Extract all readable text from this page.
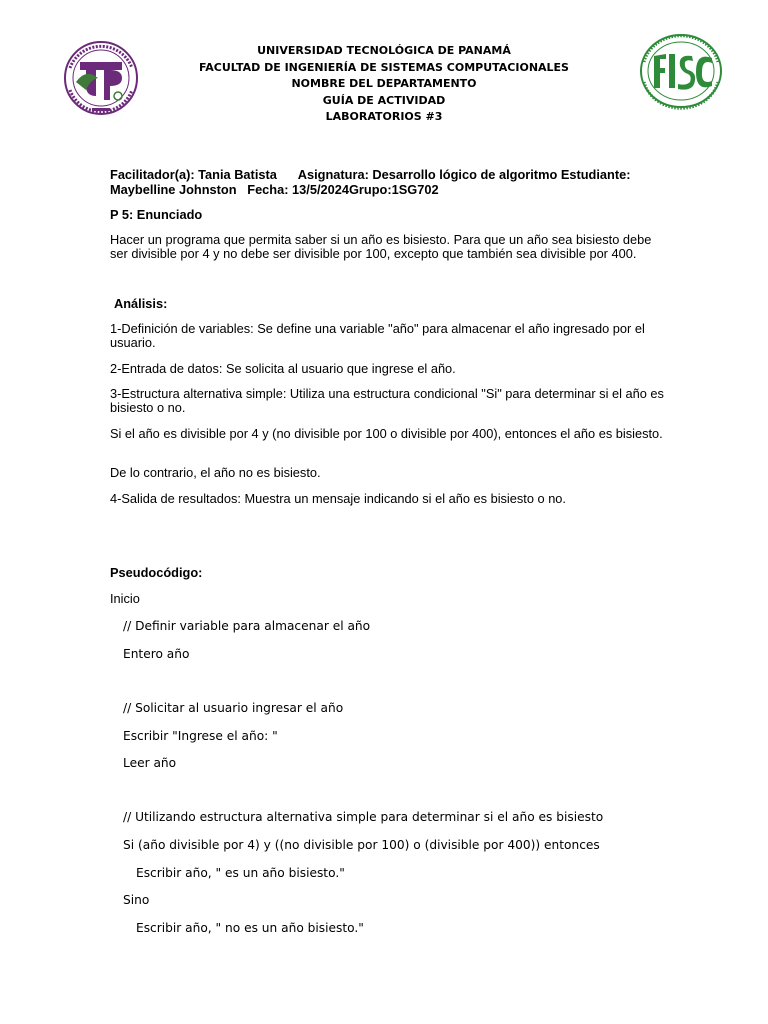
UNIVERSIDAD TECNOLÓGICA DE PANAMÁ
FACULTAD DE INGENIERÍA DE SISTEMAS COMPUTACIONALES
NOMBRE DEL DEPARTAMENTO
GUÍA DE ACTIVIDAD
LABORATORIOS #3
Facilitador(a): Tania Batista Asignatura: Desarrollo lógico de algoritmo Estudiante:
Maybelline Johnston Fecha: 13/5/2024Grupo:1SG702
P 5: Enunciado
Hacer un programa que permita saber si un año es bisiesto. Para que un año sea bisiesto debe ser divisible por 4 y no debe ser divisible por 100, excepto que también sea divisible por 400.
Análisis:
1-Definición de variables: Se define una variable "año" para almacenar el año ingresado por el usuario.
2-Entrada de datos: Se solicita al usuario que ingrese el año.
3-Estructura alternativa simple: Utiliza una estructura condicional "Si" para determinar si el año es bisiesto o no.
Si el año es divisible por 4 y (no divisible por 100 o divisible por 400), entonces el año es bisiesto.
De lo contrario, el año no es bisiesto.
4-Salida de resultados: Muestra un mensaje indicando si el año es bisiesto o no.
Pseudocódigo:
Inicio
// Definir variable para almacenar el año
Entero año
// Solicitar al usuario ingresar el año
Escribir "Ingrese el año: "
Leer año
// Utilizando estructura alternativa simple para determinar si el año es bisiesto
Si (año divisible por 4) y ((no divisible por 100) o (divisible por 400)) entonces
Escribir año, " es un año bisiesto."
Sino
Escribir año, " no es un año bisiesto."
